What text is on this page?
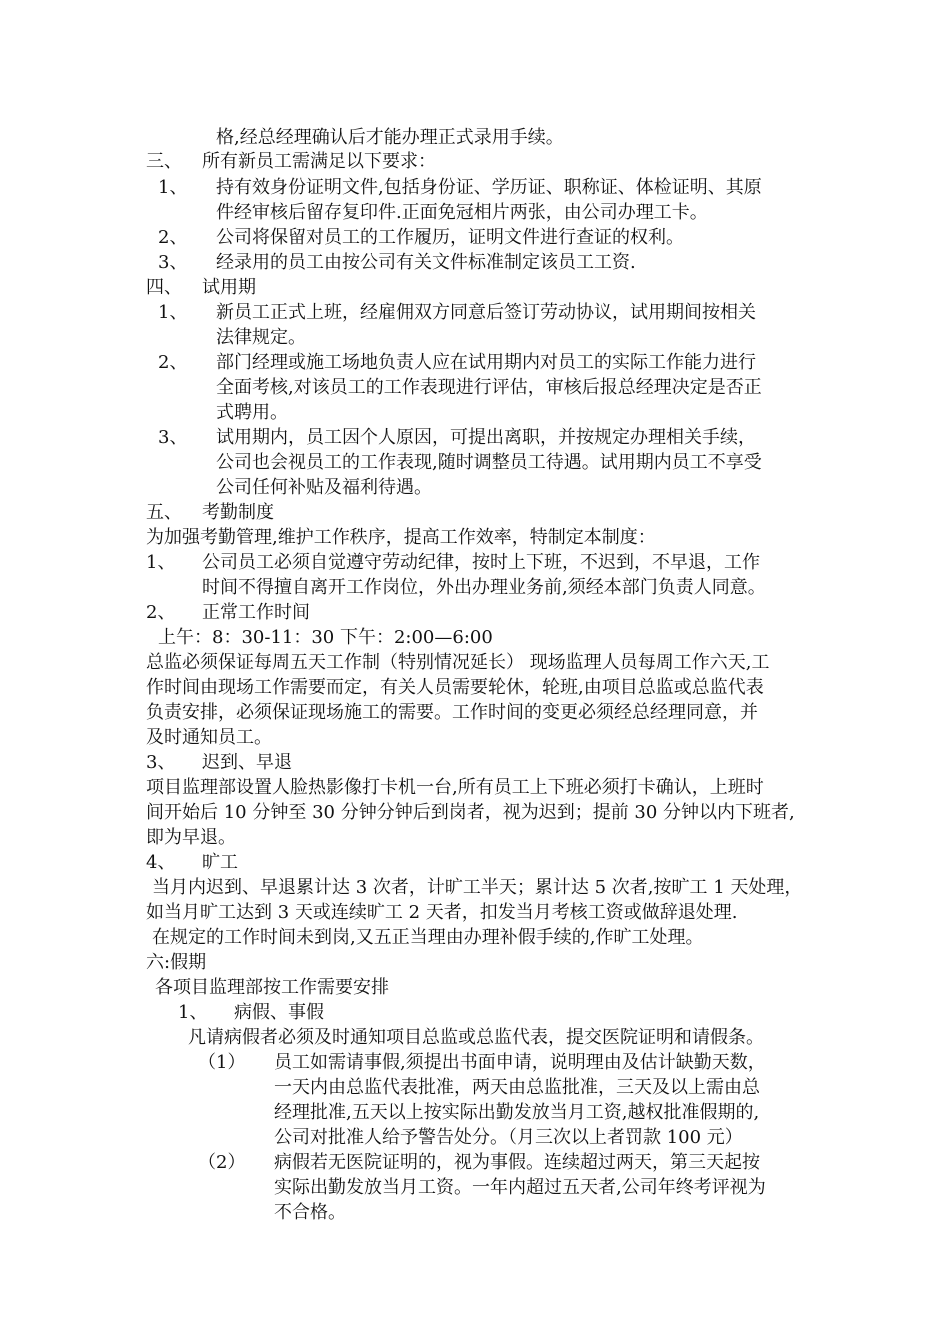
格,经总经理确认后才能办理正式录用手续。
三、 所有新员工需满足以下要求：
1、 持有效身份证明文件,包括身份证、学历证、职称证、体检证明、其原
件经审核后留存复印件.正面免冠相片两张，由公司办理工卡。
2、 公司将保留对员工的工作履历，证明文件进行查证的权利。
3、 经录用的员工由按公司有关文件标准制定该员工工资.
四、 试用期
1、 新员工正式上班，经雇佣双方同意后签订劳动协议，试用期间按相关
法律规定。
2、 部门经理或施工场地负责人应在试用期内对员工的实际工作能力进行
全面考核,对该员工的工作表现进行评估，审核后报总经理决定是否正
式聘用。
3、 试用期内，员工因个人原因，可提出离职，并按规定办理相关手续，
公司也会视员工的工作表现,随时调整员工待遇。试用期内员工不享受
公司任何补贴及福利待遇。
五、 考勤制度
为加强考勤管理,维护工作秩序，提高工作效率，特制定本制度：
1、 公司员工必须自觉遵守劳动纪律，按时上下班，不迟到，不早退，工作
时间不得擅自离开工作岗位，外出办理业务前,须经本部门负责人同意。
2、 正常工作时间
上午：8：30-11：30 下午：2:00—6:00
总监必须保证每周五天工作制（特别情况延长） 现场监理人员每周工作六天,工
作时间由现场工作需要而定，有关人员需要轮休，轮班,由项目总监或总监代表
负责安排，必须保证现场施工的需要。工作时间的变更必须经总经理同意，并
及时通知员工。
3、 迟到、早退
项目监理部设置人脸热影像打卡机一台,所有员工上下班必须打卡确认，上班时
间开始后 10 分钟至 30 分钟分钟后到岗者，视为迟到；提前 30 分钟以内下班者,
即为早退。
4、 旷工
当月内迟到、早退累计达 3 次者，计旷工半天；累计达 5 次者,按旷工 1 天处理，
如当月旷工达到 3 天或连续旷工 2 天者，扣发当月考核工资或做辞退处理.
在规定的工作时间未到岗,又五正当理由办理补假手续的,作旷工处理。
六:假期
各项目监理部按工作需要安排
1、 病假、事假
凡请病假者必须及时通知项目总监或总监代表，提交医院证明和请假条。
（1） 员工如需请事假,须提出书面申请，说明理由及估计缺勤天数，
一天内由总监代表批准，两天由总监批准，三天及以上需由总
经理批准,五天以上按实际出勤发放当月工资,越权批准假期的,
公司对批准人给予警告处分。（月三次以上者罚款 100 元）
（2） 病假若无医院证明的，视为事假。连续超过两天，第三天起按
实际出勤发放当月工资。一年内超过五天者,公司年终考评视为
不合格。
